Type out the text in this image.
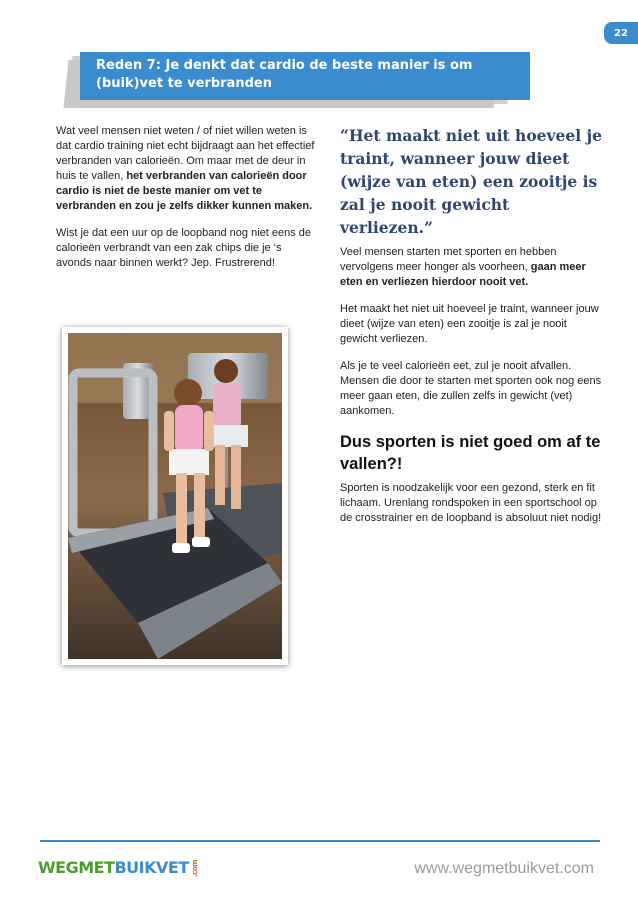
22
Reden 7: Je denkt dat cardio de beste manier is om
(buik)vet te verbranden

Wat veel mensen niet weten / of niet willen weten is dat cardio training niet echt bijdraagt aan het effectief verbranden van calorieën. Om maar met de deur in huis te vallen, het verbranden van calorieën door cardio is niet de beste manier om vet te verbranden en zou je zelfs dikker kunnen maken.

Wist je dat een uur op de loopband nog niet eens de calorieën verbrandt van een zak chips die je ‘s avonds naar binnen werkt? Jep. Frustrerend!

“Het maakt niet uit hoeveel je traint, wanneer jouw dieet (wijze van eten) een zooitje is zal je nooit gewicht verliezen.”

Veel mensen starten met sporten en hebben vervolgens meer honger als voorheen, gaan meer eten en verliezen hierdoor nooit vet.

Het maakt het niet uit hoeveel je traint, wanneer jouw dieet (wijze van eten) een zooitje is zal je nooit gewicht verliezen.

Als je te veel calorieën eet, zul je nooit afvallen. Mensen die door te starten met sporten ook nog eens meer gaan eten, die zullen zelfs in gewicht (vet) aankomen.

Dus sporten is niet goed om af te vallen?!

Sporten is noodzakelijk voor een gezond, sterk en fit lichaam. Urenlang rondspoken in een sportschool op de crosstrainer en de loopband is absoluut niet nodig!

WEGMET BUIKVET .com	www.wegmetbuikvet.com
